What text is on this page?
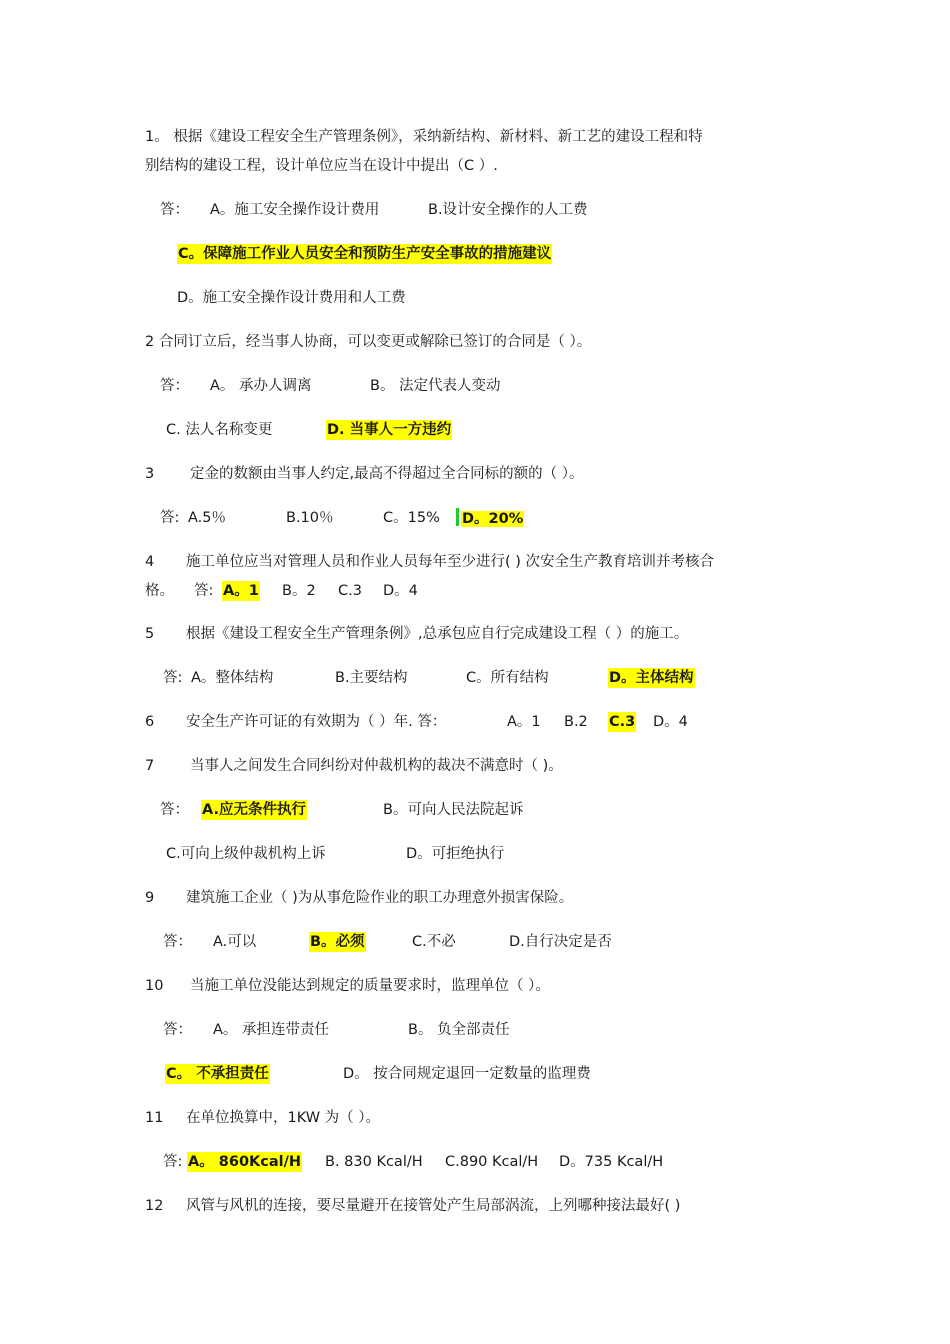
1。 根据《建设工程安全生产管理条例》，采纳新结构、新材料、新工艺的建设工程和特
别结构的建设工程，设计单位应当在设计中提出（C ）.
答： A。施工安全操作设计费用	B.设计安全操作的人工费
C。保障施工作业人员安全和预防生产安全事故的措施建议
D。施工安全操作设计费用和人工费
2 合同订立后，经当事人协商，可以变更或解除已签订的合同是（ ）。
答： A。 承办人调离	B。 法定代表人变动
C. 法人名称变更	D. 当事人一方违约
3 定金的数额由当事人约定,最高不得超过全合同标的额的（ ）。
答: A.5％	B.10％	C。15%	D。20%
4 施工单位应当对管理人员和作业人员每年至少进行( ) 次安全生产教育培训并考核合
格。 答: A。1 B。2 C.3 D。4
5 根据《建设工程安全生产管理条例》,总承包应自行完成建设工程（ ）的施工。
答: A。整体结构	B.主要结构	C。所有结构	D。主体结构
6 安全生产许可证的有效期为（ ）年. 答：	A。1 B.2 C.3 D。4
7 当事人之间发生合同纠纷对仲裁机构的裁决不满意时（ )。
答： A.应无条件执行	B。可向人民法院起诉
C.可向上级仲裁机构上诉	D。可拒绝执行
9 建筑施工企业（ )为从事危险作业的职工办理意外损害保险。
答： A.可以	B。必须	C.不必	D.自行决定是否
10 当施工单位没能达到规定的质量要求时，监理单位（ ）。
答： A。 承担连带责任	B。 负全部责任
C。 不承担责任	D。 按合同规定退回一定数量的监理费
11 在单位换算中，1KW 为（ ）。
答: A。 860Kcal/H B. 830 Kcal/H C.890 Kcal/H D。735 Kcal/H
12 风管与风机的连接，要尽量避开在接管处产生局部涡流，上列哪种接法最好( )
